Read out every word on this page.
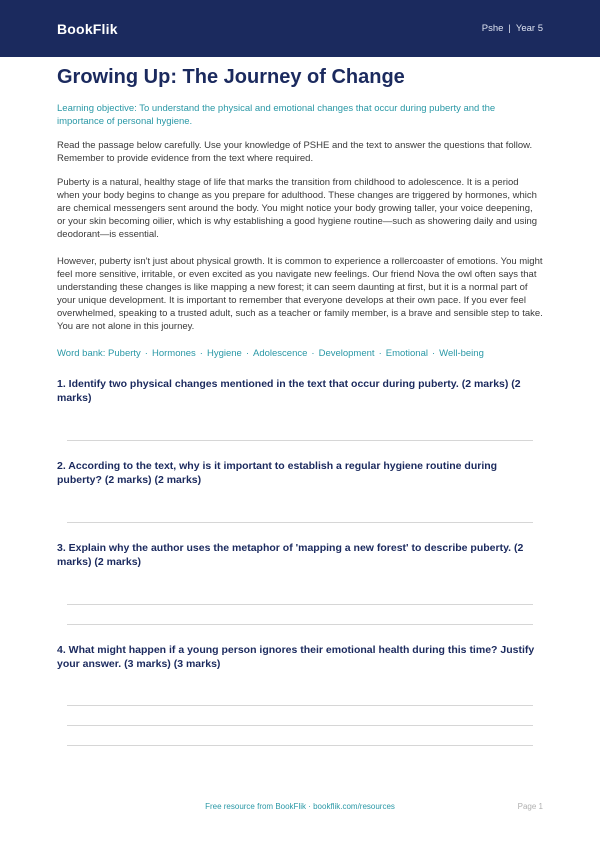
BookFlik	Pshe | Year 5
Growing Up: The Journey of Change
Learning objective: To understand the physical and emotional changes that occur during puberty and the importance of personal hygiene.
Read the passage below carefully. Use your knowledge of PSHE and the text to answer the questions that follow. Remember to provide evidence from the text where required.
Puberty is a natural, healthy stage of life that marks the transition from childhood to adolescence. It is a period when your body begins to change as you prepare for adulthood. These changes are triggered by hormones, which are chemical messengers sent around the body. You might notice your body growing taller, your voice deepening, or your skin becoming oilier, which is why establishing a good hygiene routine—such as showering daily and using deodorant—is essential.
However, puberty isn't just about physical growth. It is common to experience a rollercoaster of emotions. You might feel more sensitive, irritable, or even excited as you navigate new feelings. Our friend Nova the owl often says that understanding these changes is like mapping a new forest; it can seem daunting at first, but it is a normal part of your unique development. It is important to remember that everyone develops at their own pace. If you ever feel overwhelmed, speaking to a trusted adult, such as a teacher or family member, is a brave and sensible step to take. You are not alone in this journey.
Word bank:
Puberty · Hormones · Hygiene · Adolescence · Development · Emotional · Well-being
1. Identify two physical changes mentioned in the text that occur during puberty. (2 marks) (2 marks)
2. According to the text, why is it important to establish a regular hygiene routine during puberty? (2 marks) (2 marks)
3. Explain why the author uses the metaphor of 'mapping a new forest' to describe puberty. (2 marks) (2 marks)
4. What might happen if a young person ignores their emotional health during this time? Justify your answer. (3 marks) (3 marks)
Free resource from BookFlik · bookflik.com/resources	Page 1
